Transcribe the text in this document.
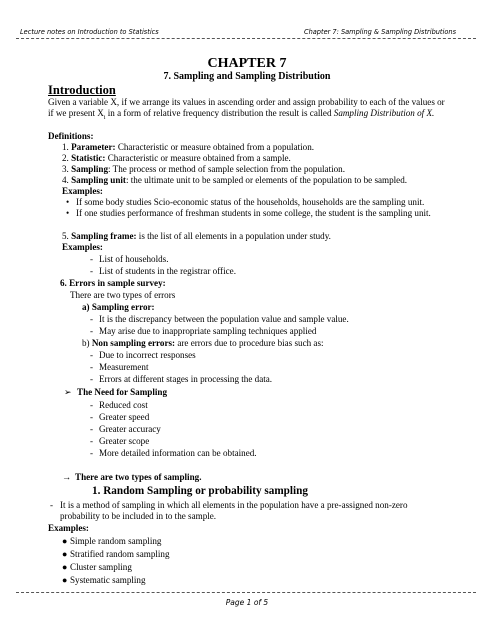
Lecture notes on Introduction to Statistics	Chapter 7: Sampling & Sampling Distributions
CHAPTER 7
7. Sampling and Sampling Distribution
Introduction
Given a variable X, if we arrange its values in ascending order and assign probability to each of the values or if we present $X_i$ in a form of relative frequency distribution the result is called Sampling Distribution of X.
Definitions:
1. Parameter: Characteristic or measure obtained from a population.
2. Statistic: Characteristic or measure obtained from a sample.
3. Sampling: The process or method of sample selection from the population.
4. Sampling unit: the ultimate unit to be sampled or elements of the population to be sampled.
Examples:
• If some body studies Scio-economic status of the households, households are the sampling unit.
• If one studies performance of freshman students in some college, the student is the sampling unit.
5. Sampling frame: is the list of all elements in a population under study.
Examples:
- List of households.
- List of students in the registrar office.
6. Errors in sample survey:
There are two types of errors
a) Sampling error:
- It is the discrepancy between the population value and sample value.
- May arise due to inappropriate sampling techniques applied
b) Non sampling errors: are errors due to procedure bias such as:
- Due to incorrect responses
- Measurement
- Errors at different stages in processing the data.
➢ The Need for Sampling
- Reduced cost
- Greater speed
- Greater accuracy
- Greater scope
- More detailed information can be obtained.
→ There are two types of sampling.
1. Random Sampling or probability sampling
- It is a method of sampling in which all elements in the population have a pre-assigned non-zero probability to be included in to the sample.
Examples:
● Simple random sampling
● Stratified random sampling
● Cluster sampling
● Systematic sampling
Page 1 of 5
